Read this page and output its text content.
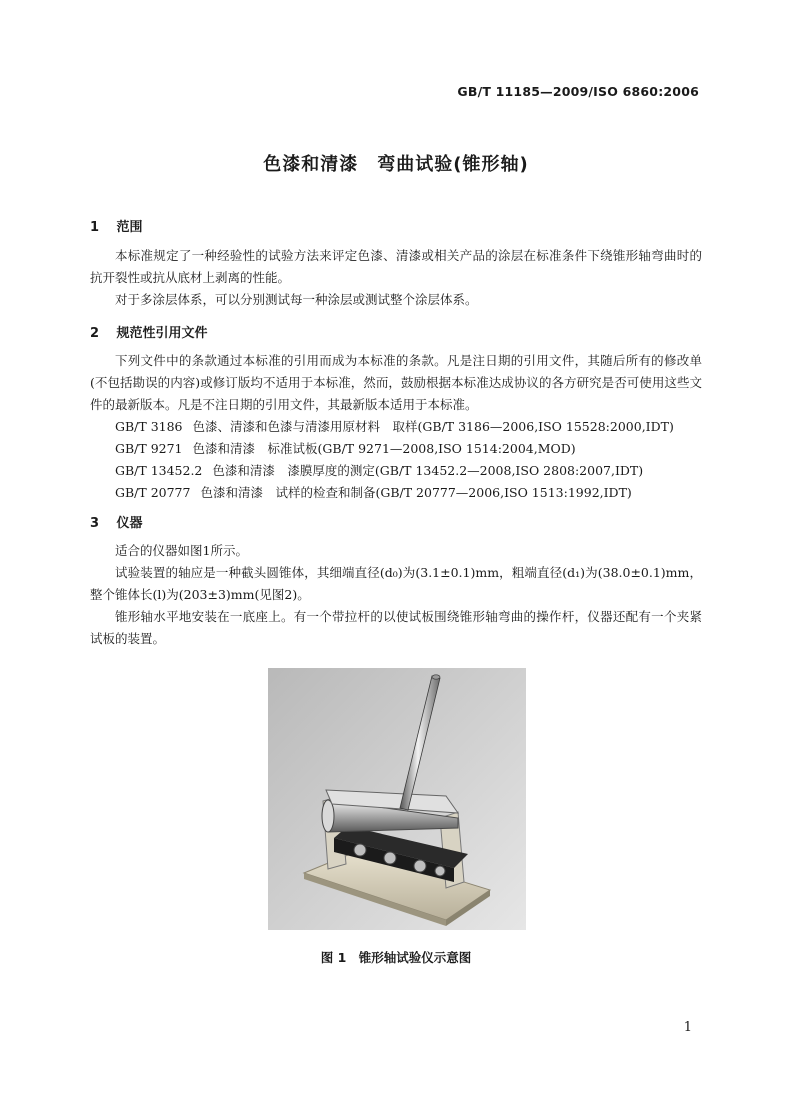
GB/T 11185—2009/ISO 6860:2006
色漆和清漆　弯曲试验(锥形轴)
1 范围
本标准规定了一种经验性的试验方法来评定色漆、清漆或相关产品的涂层在标准条件下绕锥形轴弯曲时的抗开裂性或抗从底材上剥离的性能。
对于多涂层体系，可以分别测试每一种涂层或测试整个涂层体系。
2 规范性引用文件
下列文件中的条款通过本标准的引用而成为本标准的条款。凡是注日期的引用文件，其随后所有的修改单(不包括勘误的内容)或修订版均不适用于本标准，然而，鼓励根据本标准达成协议的各方研究是否可使用这些文件的最新版本。凡是不注日期的引用文件，其最新版本适用于本标准。
GB/T 3186 色漆、清漆和色漆与清漆用原材料　取样(GB/T 3186—2006,ISO 15528:2000,IDT)
GB/T 9271 色漆和清漆　标准试板(GB/T 9271—2008,ISO 1514:2004,MOD)
GB/T 13452.2 色漆和清漆　漆膜厚度的测定(GB/T 13452.2—2008,ISO 2808:2007,IDT)
GB/T 20777 色漆和清漆　试样的检查和制备(GB/T 20777—2006,ISO 1513:1992,IDT)
3 仪器
适合的仪器如图1所示。
试验装置的轴应是一种截头圆锥体，其细端直径(d₀)为(3.1±0.1)mm，粗端直径(d₁)为(38.0±0.1)mm，整个锥体长(l)为(203±3)mm(见图2)。
锥形轴水平地安装在一底座上。有一个带拉杆的以使试板围绕锥形轴弯曲的操作杆，仪器还配有一个夹紧试板的装置。
图 1　锥形轴试验仪示意图
1
